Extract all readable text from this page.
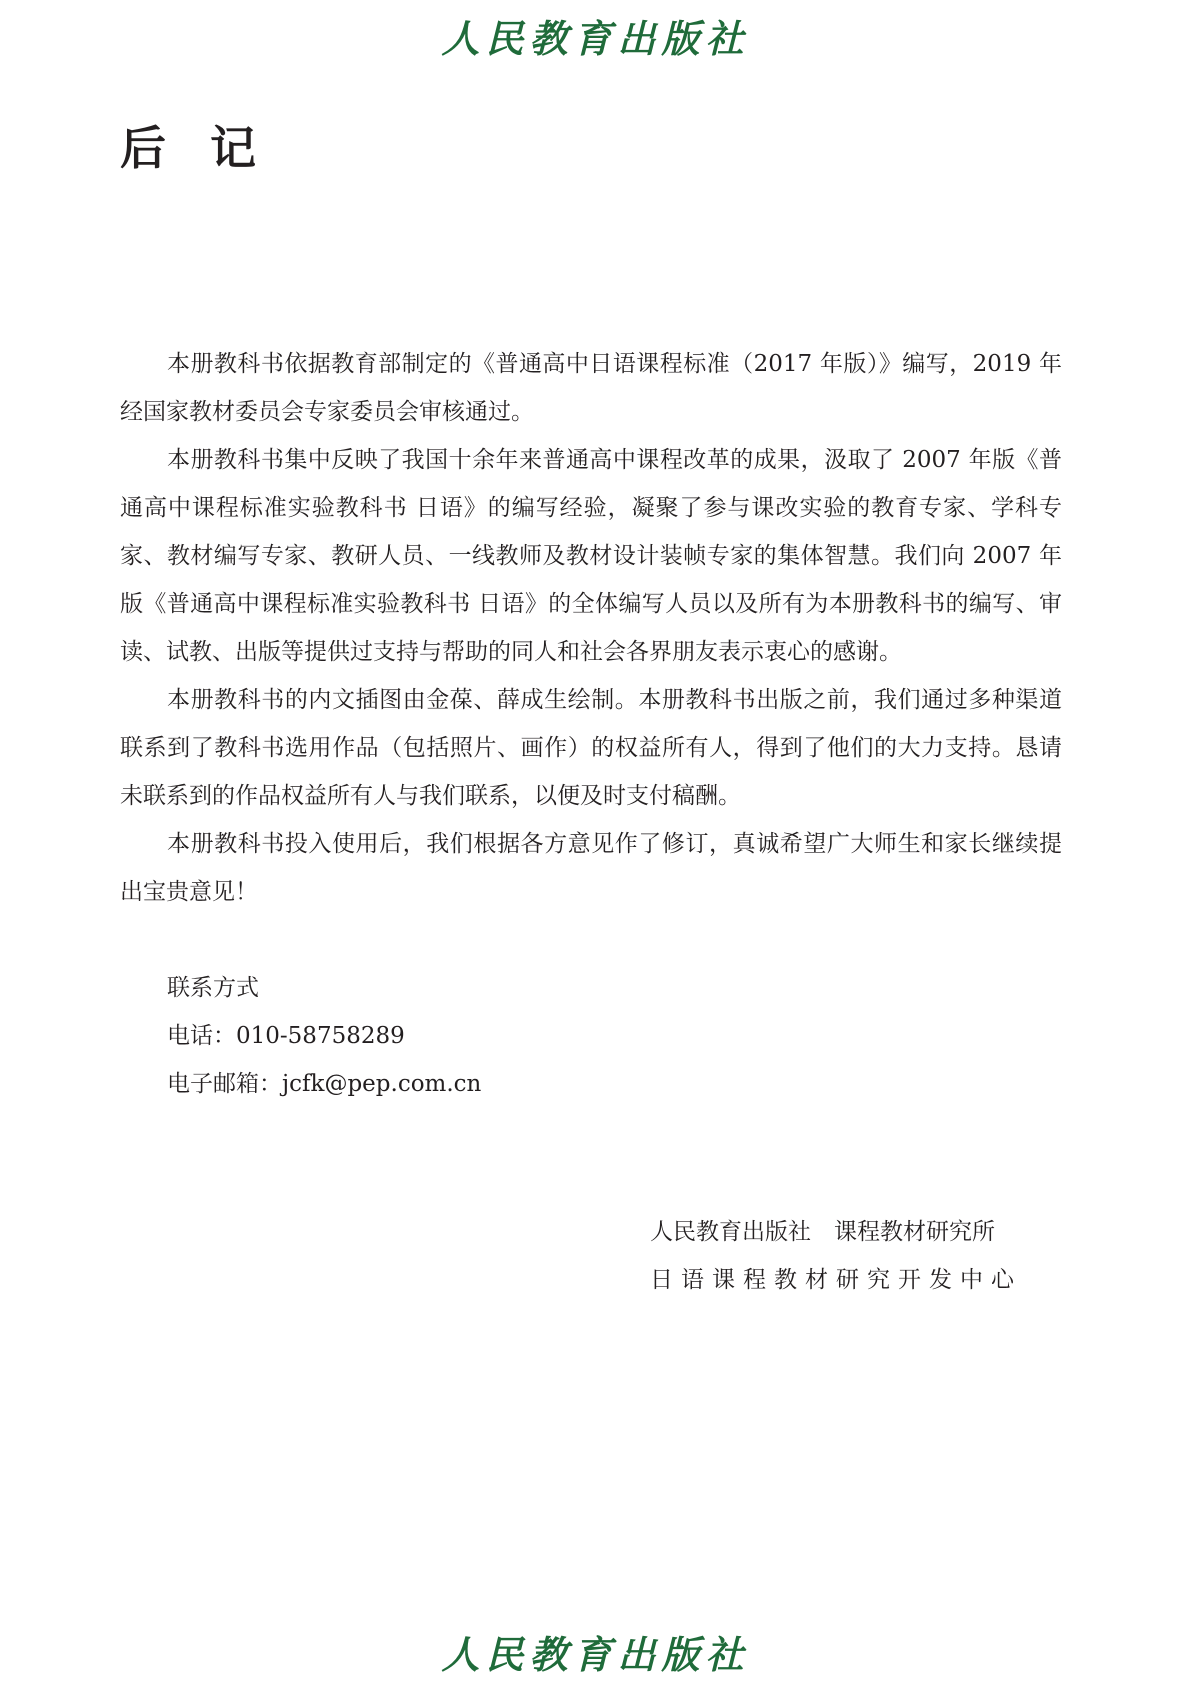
人民教育出版社
后记

本册教科书依据教育部制定的《普通高中日语课程标准（2017 年版）》编写，2019 年经国家教材委员会专家委员会审核通过。

本册教科书集中反映了我国十余年来普通高中课程改革的成果，汲取了 2007 年版《普通高中课程标准实验教科书 日语》的编写经验，凝聚了参与课改实验的教育专家、学科专家、教材编写专家、教研人员、一线教师及教材设计装帧专家的集体智慧。我们向 2007 年版《普通高中课程标准实验教科书 日语》的全体编写人员以及所有为本册教科书的编写、审读、试教、出版等提供过支持与帮助的同人和社会各界朋友表示衷心的感谢。

本册教科书的内文插图由金葆、薛成生绘制。本册教科书出版之前，我们通过多种渠道联系到了教科书选用作品（包括照片、画作）的权益所有人，得到了他们的大力支持。恳请未联系到的作品权益所有人与我们联系，以便及时支付稿酬。

本册教科书投入使用后，我们根据各方意见作了修订，真诚希望广大师生和家长继续提出宝贵意见！

联系方式
电话：010-58758289
电子邮箱：jcfk@pep.com.cn
人民教育出版社　课程教材研究所
日语课程教材研究开发中心
人民教育出版社
